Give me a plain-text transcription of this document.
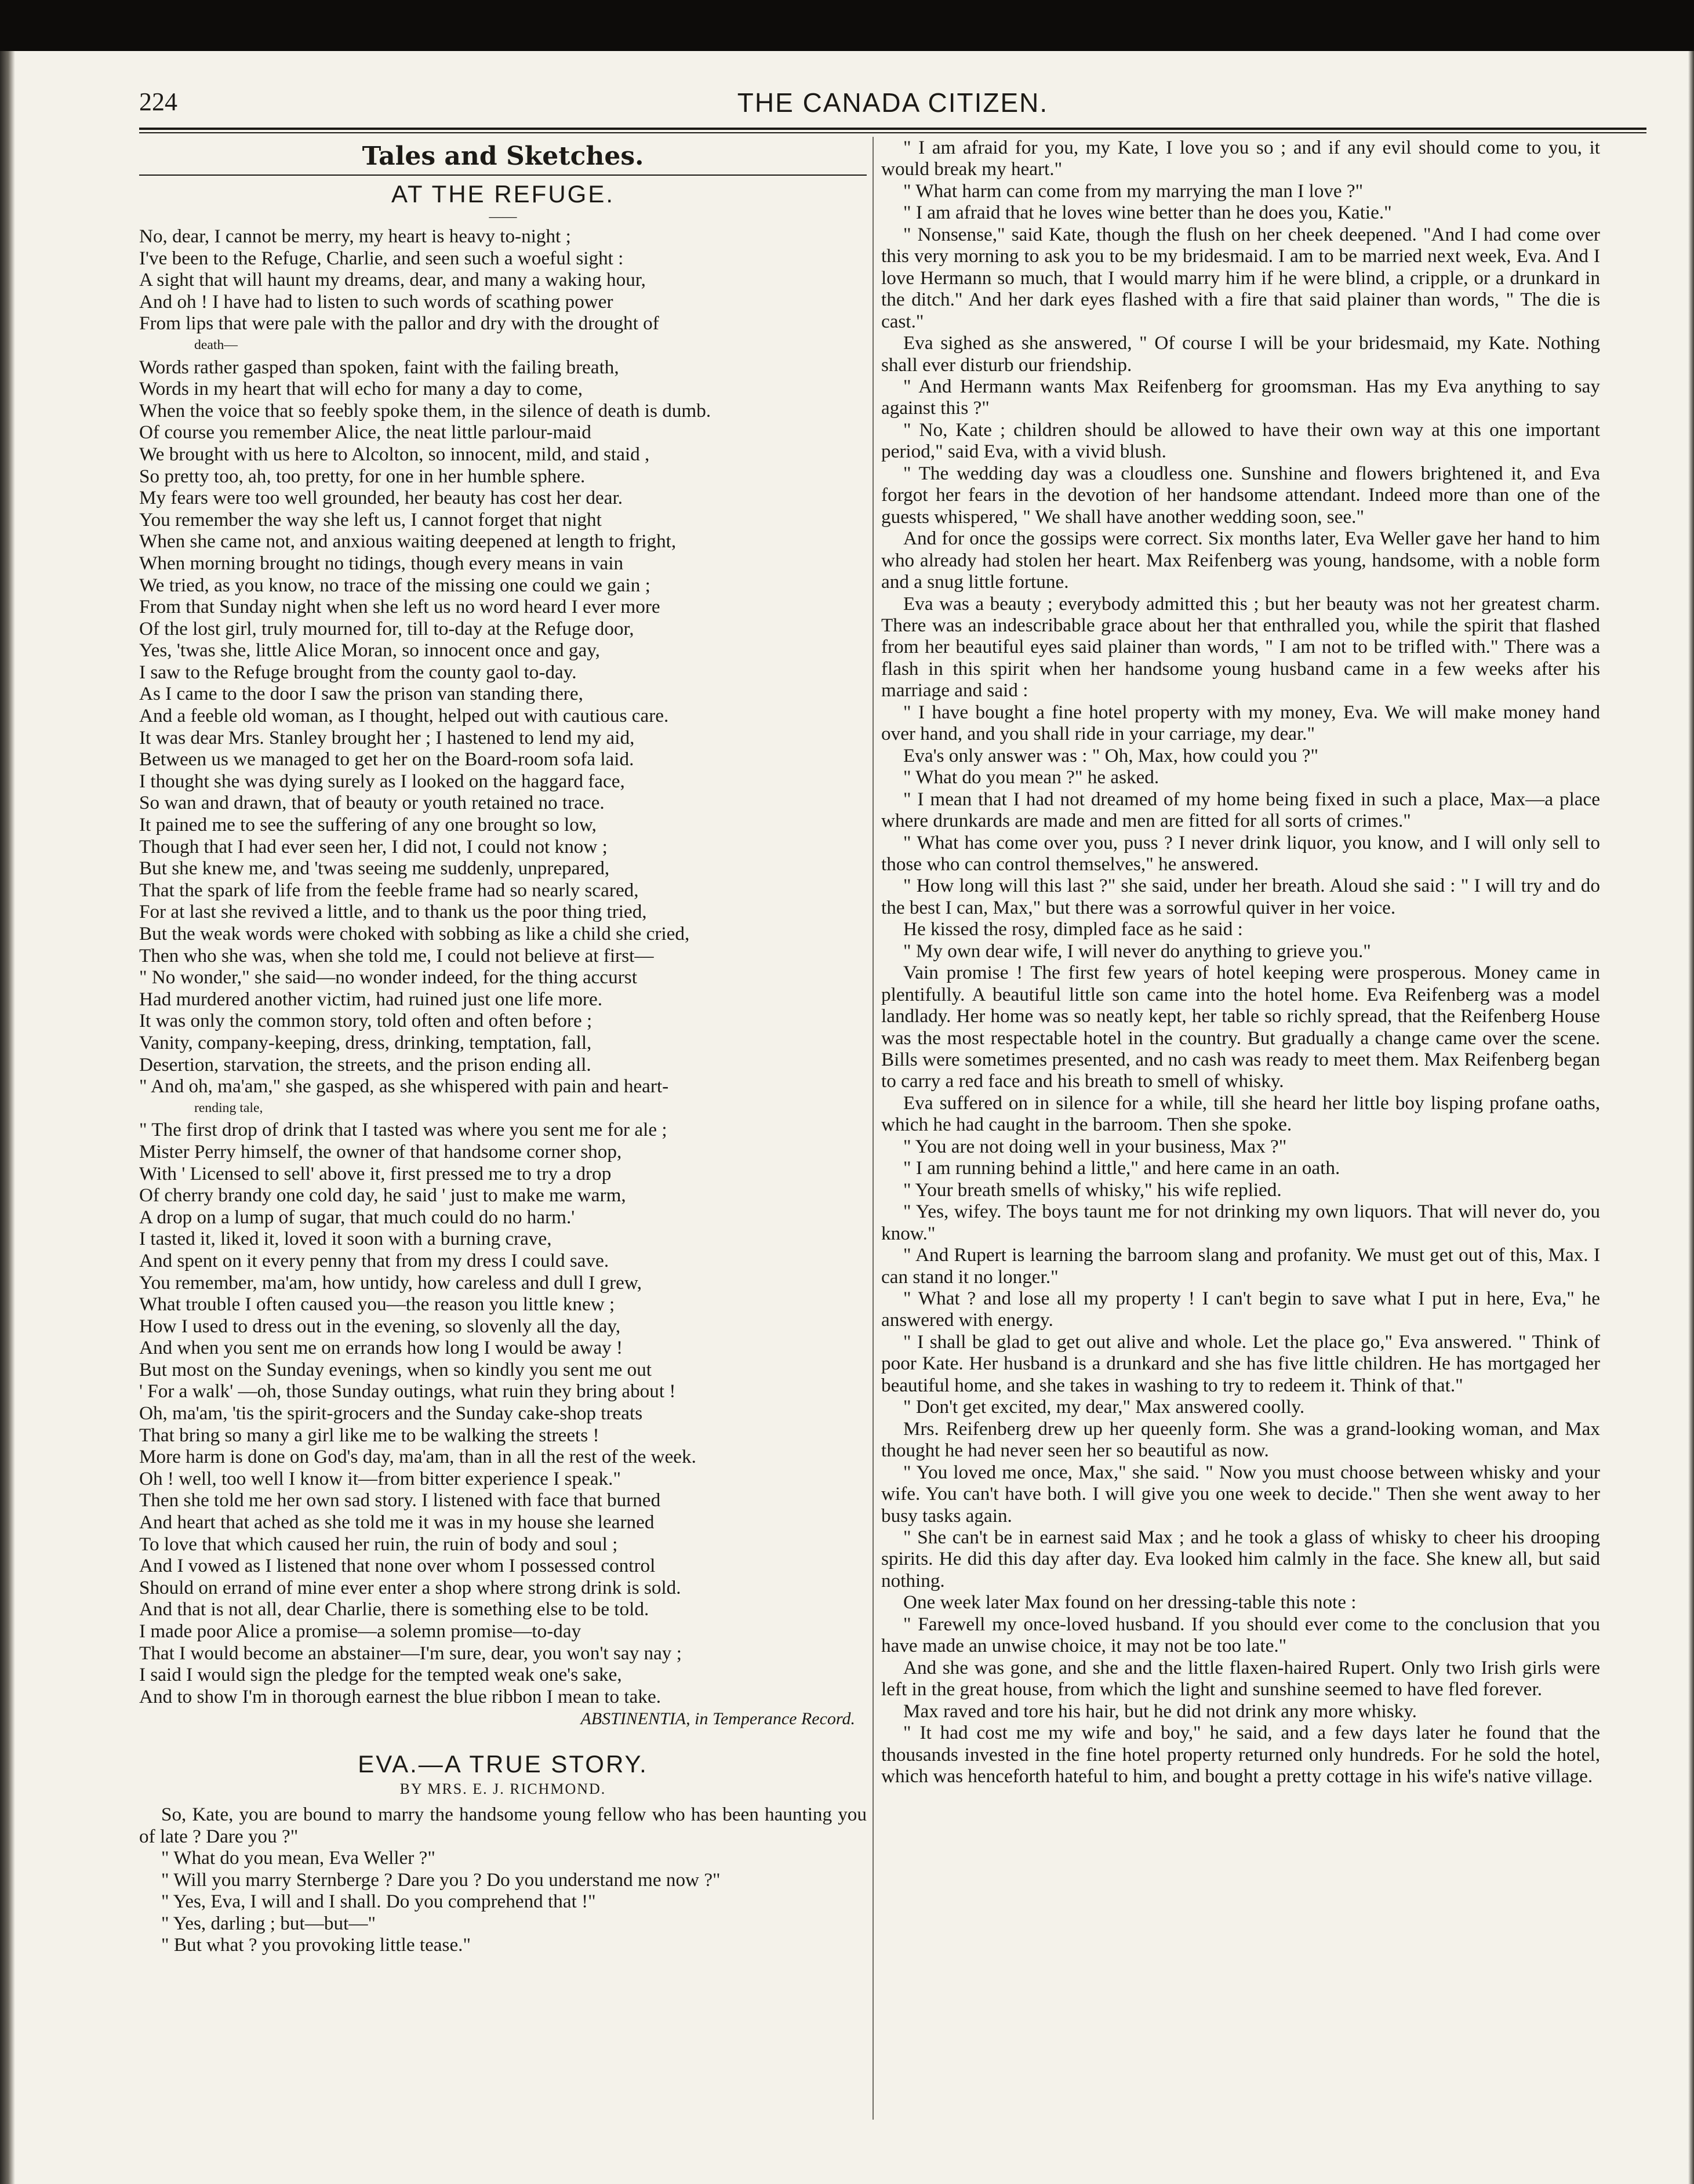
224	THE CANADA CITIZEN.
Tales and Sketches.
AT THE REFUGE.
——
No, dear, I cannot be merry, my heart is heavy to-night ;
I've been to the Refuge, Charlie, and seen such a woeful sight :
A sight that will haunt my dreams, dear, and many a waking hour,
And oh ! I have had to listen to such words of scathing power
From lips that were pale with the pallor and dry with the drought of
death—
Words rather gasped than spoken, faint with the failing breath,
Words in my heart that will echo for many a day to come,
When the voice that so feebly spoke them, in the silence of death is dumb.
Of course you remember Alice, the neat little parlour-maid
We brought with us here to Alcolton, so innocent, mild, and staid ,
So pretty too, ah, too pretty, for one in her humble sphere.
My fears were too well grounded, her beauty has cost her dear.
You remember the way she left us, I cannot forget that night
When she came not, and anxious waiting deepened at length to fright,
When morning brought no tidings, though every means in vain
We tried, as you know, no trace of the missing one could we gain ;
From that Sunday night when she left us no word heard I ever more
Of the lost girl, truly mourned for, till to-day at the Refuge door,
Yes, 'twas she, little Alice Moran, so innocent once and gay,
I saw to the Refuge brought from the county gaol to-day.
As I came to the door I saw the prison van standing there,
And a feeble old woman, as I thought, helped out with cautious care.
It was dear Mrs. Stanley brought her ; I hastened to lend my aid,
Between us we managed to get her on the Board-room sofa laid.
I thought she was dying surely as I looked on the haggard face,
So wan and drawn, that of beauty or youth retained no trace.
It pained me to see the suffering of any one brought so low,
Though that I had ever seen her, I did not, I could not know ;
But she knew me, and 'twas seeing me suddenly, unprepared,
That the spark of life from the feeble frame had so nearly scared,
For at last she revived a little, and to thank us the poor thing tried,
But the weak words were choked with sobbing as like a child she cried,
Then who she was, when she told me, I could not believe at first—
" No wonder," she said—no wonder indeed, for the thing accurst
Had murdered another victim, had ruined just one life more.
It was only the common story, told often and often before ;
Vanity, company-keeping, dress, drinking, temptation, fall,
Desertion, starvation, the streets, and the prison ending all.
" And oh, ma'am," she gasped, as she whispered with pain and heart-
rending tale,
" The first drop of drink that I tasted was where you sent me for ale ;
Mister Perry himself, the owner of that handsome corner shop,
With ' Licensed to sell' above it, first pressed me to try a drop
Of cherry brandy one cold day, he said ' just to make me warm,
A drop on a lump of sugar, that much could do no harm.'
I tasted it, liked it, loved it soon with a burning crave,
And spent on it every penny that from my dress I could save.
You remember, ma'am, how untidy, how careless and dull I grew,
What trouble I often caused you—the reason you little knew ;
How I used to dress out in the evening, so slovenly all the day,
And when you sent me on errands how long I would be away !
But most on the Sunday evenings, when so kindly you sent me out
' For a walk' —oh, those Sunday outings, what ruin they bring about !
Oh, ma'am, 'tis the spirit-grocers and the Sunday cake-shop treats
That bring so many a girl like me to be walking the streets !
More harm is done on God's day, ma'am, than in all the rest of the week.
Oh ! well, too well I know it—from bitter experience I speak."
Then she told me her own sad story. I listened with face that burned
And heart that ached as she told me it was in my house she learned
To love that which caused her ruin, the ruin of body and soul ;
And I vowed as I listened that none over whom I possessed control
Should on errand of mine ever enter a shop where strong drink is sold.
And that is not all, dear Charlie, there is something else to be told.
I made poor Alice a promise—a solemn promise—to-day
That I would become an abstainer—I'm sure, dear, you won't say nay ;
I said I would sign the pledge for the tempted weak one's sake,
And to show I'm in thorough earnest the blue ribbon I mean to take.
ABSTINENTIA, in Temperance Record.
EVA.—A TRUE STORY.
BY MRS. E. J. RICHMOND.

So, Kate, you are bound to marry the handsome young fellow who has been haunting you of late ? Dare you ?"

" What do you mean, Eva Weller ?"

" Will you marry Sternberge ? Dare you ? Do you understand me now ?"

" Yes, Eva, I will and I shall. Do you comprehend that !"

" Yes, darling ; but—but—"

" But what ? you provoking little tease."

" I am afraid for you, my Kate, I love you so ; and if any evil should come to you, it would break my heart."

" What harm can come from my marrying the man I love ?"

" I am afraid that he loves wine better than he does you, Katie."

" Nonsense," said Kate, though the flush on her cheek deepened. "And I had come over this very morning to ask you to be my bridesmaid. I am to be married next week, Eva. And I love Hermann so much, that I would marry him if he were blind, a cripple, or a drunkard in the ditch." And her dark eyes flashed with a fire that said plainer than words, " The die is cast."

Eva sighed as she answered, " Of course I will be your bridesmaid, my Kate. Nothing shall ever disturb our friendship.

" And Hermann wants Max Reifenberg for groomsman. Has my Eva anything to say against this ?"

" No, Kate ; children should be allowed to have their own way at this one important period," said Eva, with a vivid blush.

" The wedding day was a cloudless one. Sunshine and flowers brightened it, and Eva forgot her fears in the devotion of her handsome attendant. Indeed more than one of the guests whispered, " We shall have another wedding soon, see."

And for once the gossips were correct. Six months later, Eva Weller gave her hand to him who already had stolen her heart. Max Reifenberg was young, handsome, with a noble form and a snug little fortune.

Eva was a beauty ; everybody admitted this ; but her beauty was not her greatest charm. There was an indescribable grace about her that enthralled you, while the spirit that flashed from her beautiful eyes said plainer than words, " I am not to be trifled with." There was a flash in this spirit when her handsome young husband came in a few weeks after his marriage and said :

" I have bought a fine hotel property with my money, Eva. We will make money hand over hand, and you shall ride in your carriage, my dear."

Eva's only answer was : " Oh, Max, how could you ?"

" What do you mean ?" he asked.

" I mean that I had not dreamed of my home being fixed in such a place, Max—a place where drunkards are made and men are fitted for all sorts of crimes."

" What has come over you, puss ? I never drink liquor, you know, and I will only sell to those who can control themselves," he answered.

" How long will this last ?" she said, under her breath. Aloud she said : " I will try and do the best I can, Max," but there was a sorrowful quiver in her voice.

He kissed the rosy, dimpled face as he said :

" My own dear wife, I will never do anything to grieve you."

Vain promise ! The first few years of hotel keeping were prosperous. Money came in plentifully. A beautiful little son came into the hotel home. Eva Reifenberg was a model landlady. Her home was so neatly kept, her table so richly spread, that the Reifenberg House was the most respectable hotel in the country. But gradually a change came over the scene. Bills were sometimes presented, and no cash was ready to meet them. Max Reifenberg began to carry a red face and his breath to smell of whisky.

Eva suffered on in silence for a while, till she heard her little boy lisping profane oaths, which he had caught in the barroom. Then she spoke.

" You are not doing well in your business, Max ?"

" I am running behind a little," and here came in an oath.

" Your breath smells of whisky," his wife replied.

" Yes, wifey. The boys taunt me for not drinking my own liquors. That will never do, you know."

" And Rupert is learning the barroom slang and profanity. We must get out of this, Max. I can stand it no longer."

" What ? and lose all my property ! I can't begin to save what I put in here, Eva," he answered with energy.

" I shall be glad to get out alive and whole. Let the place go," Eva answered. " Think of poor Kate. Her husband is a drunkard and she has five little children. He has mortgaged her beautiful home, and she takes in washing to try to redeem it. Think of that."

" Don't get excited, my dear," Max answered coolly.

Mrs. Reifenberg drew up her queenly form. She was a grand-looking woman, and Max thought he had never seen her so beautiful as now.

" You loved me once, Max," she said. " Now you must choose between whisky and your wife. You can't have both. I will give you one week to decide." Then she went away to her busy tasks again.

" She can't be in earnest said Max ; and he took a glass of whisky to cheer his drooping spirits. He did this day after day. Eva looked him calmly in the face. She knew all, but said nothing.

One week later Max found on her dressing-table this note :

" Farewell my once-loved husband. If you should ever come to the conclusion that you have made an unwise choice, it may not be too late."

And she was gone, and she and the little flaxen-haired Rupert. Only two Irish girls were left in the great house, from which the light and sunshine seemed to have fled forever.

Max raved and tore his hair, but he did not drink any more whisky.

" It had cost me my wife and boy," he said, and a few days later he found that the thousands invested in the fine hotel property returned only hundreds. For he sold the hotel, which was henceforth hateful to him, and bought a pretty cottage in his wife's native village.
